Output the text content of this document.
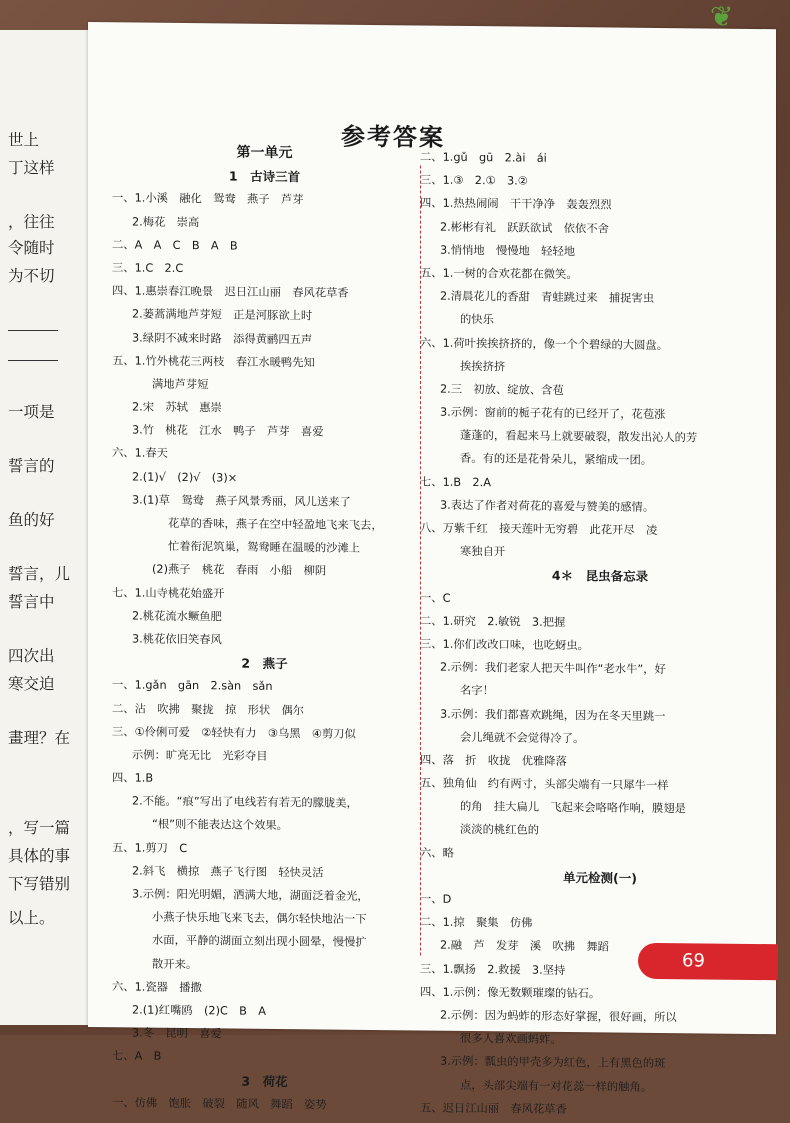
❦
世上
丁这样
，往往
令随时
为不切
一项是
誓言的
鱼的好
誓言，儿
誓言中
四次出
寒交迫
畫理？在
，写一篇
具体的事
下写错别
以上。
参考答案
第一单元
1　古诗三首
一、1.小溪　融化　鸳鸯　燕子　芦芽
2.梅花　崇高
二、A　A　C　B　A　B
三、1.C　2.C
四、1.惠崇春江晚景　迟日江山丽　春风花草香
2.蒌蒿满地芦芽短　正是河豚欲上时
3.绿阴不减来时路　添得黄鹂四五声
五、1.竹外桃花三两枝　春江水暖鸭先知
满地芦芽短
2.宋　苏轼　惠崇
3.竹　桃花　江水　鸭子　芦芽　喜爱
六、1.春天
2.(1)√　(2)√　(3)×
3.(1)草　鸳鸯　燕子风景秀丽，风儿送来了
花草的香味，燕子在空中轻盈地飞来飞去，
忙着衔泥筑巢，鸳鸯睡在温暖的沙滩上
(2)燕子　桃花　春雨　小船　柳阴
七、1.山寺桃花始盛开
2.桃花流水鳜鱼肥
3.桃花依旧笑春风
2　燕子
一、1.gǎn　gān　2.sàn　sǎn
二、沾　吹拂　聚拢　掠　形状　偶尔
三、①伶俐可爱　②轻快有力　③乌黑　④剪刀似
示例：旷亮无比　光彩夺目
四、1.B
2.不能。“痕”写出了电线若有若无的朦胧美，
“根”则不能表达这个效果。
五、1.剪刀　C
2.斜飞　横掠　燕子飞行图　轻快灵活
3.示例：阳光明媚，洒满大地，湖面泛着金光，
小燕子快乐地飞来飞去，偶尔轻快地沾一下
水面，平静的湖面立刻出现小圆晕，慢慢扩
散开来。
六、1.瓷器　播撒
2.(1)红嘴鸥　(2)C　B　A
3.冬　昆明　喜爱
七、A　B
3　荷花
一、仿佛　饱胀　破裂　随风　舞蹈　姿势
二、1.gǔ　gū　2.ài　ái
三、1.③　2.①　3.②
四、1.热热闹闹　干干净净　轰轰烈烈
2.彬彬有礼　跃跃欲试　依依不舍
3.悄悄地　慢慢地　轻轻地
五、1.一树的合欢花都在微笑。
2.清晨花儿的香甜　青蛙跳过来　捕捉害虫
的快乐
六、1.荷叶挨挨挤挤的，像一个个碧绿的大圆盘。
挨挨挤挤
2.三　初放、绽放、含苞
3.示例：窗前的栀子花有的已经开了，花苞涨
蓬蓬的，看起来马上就要破裂，散发出沁人的芳
香。有的还是花骨朵儿，紧缩成一团。
七、1.B　2.A
3.表达了作者对荷花的喜爱与赞美的感情。
八、万紫千红　接天莲叶无穷碧　此花开尽　凌
寒独自开
4＊　昆虫备忘录
一、C
二、1.研究　2.敏锐　3.把握
三、1.你们改改口味，也吃蚜虫。
2.示例：我们老家人把天牛叫作“老水牛”，好
名字！
3.示例：我们都喜欢跳绳，因为在冬天里跳一
会儿绳就不会觉得冷了。
四、落　折　收拢　优雅降落
五、独角仙　约有两寸，头部尖端有一只犀牛一样
的角　挂大扁儿　飞起来会咯咯作响，膜翅是
淡淡的桃红色的
六、略
单元检测(一)
一、D
二、1.掠　聚集　仿佛
2.融　芦　发芽　溪　吹拂　舞蹈
三、1.飘扬　2.救援　3.坚持
四、1.示例：像无数颗璀璨的钻石。
2.示例：因为蚂蚱的形态好掌握，很好画，所以
很多人喜欢画蚂蚱。
3.示例：瓢虫的甲壳多为红色，上有黑色的斑
点，头部尖端有一对花蕊一样的触角。
五、迟日江山丽　春风花草香
69
